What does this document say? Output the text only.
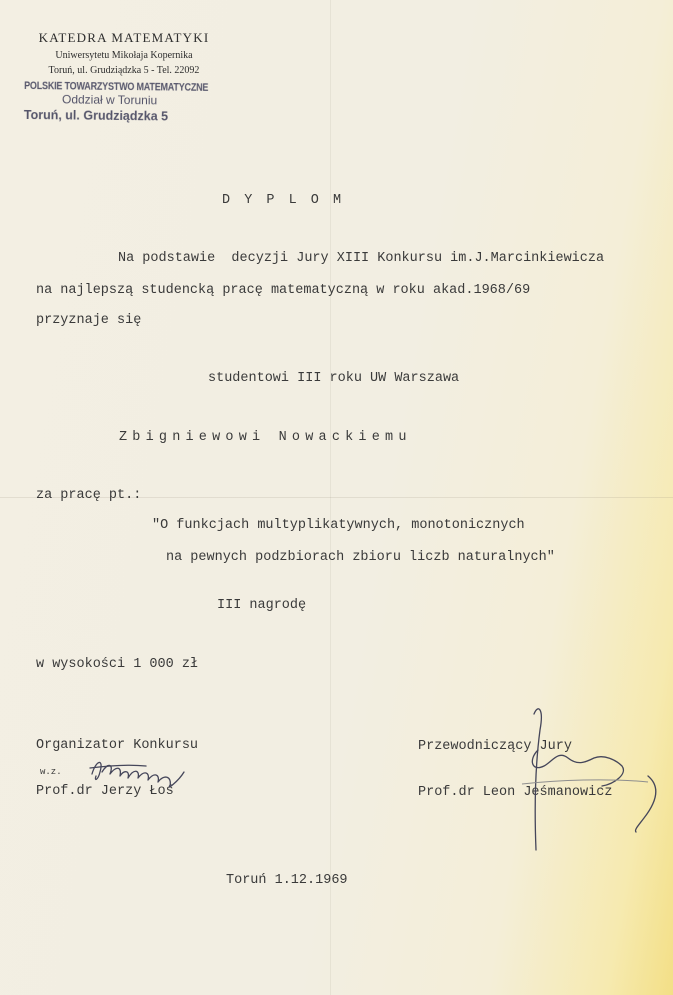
KATEDRA MATEMATYKI
Uniwersytetu Mikołaja Kopernika
Toruń, ul. Grudziądzka 5 - Tel. 22092
POLSKIE TOWARZYSTWO MATEMATYCZNE
Oddział w Toruniu
Toruń, ul. Grudziądzka 5
D Y P L O M
Na podstawie  decyzji Jury XIII Konkursu im.J.Marcinkiewicza
na najlepszą studencką pracę matematyczną w roku akad.1968/69
przyznaje się
studentowi III roku UW Warszawa
Zbigniewowi Nowackiemu
za pracę pt.:
"O funkcjach multyplikatywnych, monotonicznych
na pewnych podzbiorach zbioru liczb naturalnych"
III nagrodę
w wysokości 1 000 zł
Organizator Konkursu
w.z.
Prof.dr Jerzy Łoś
Przewodniczący Jury
Prof.dr Leon Jeśmanowicz
Toruń 1.12.1969
